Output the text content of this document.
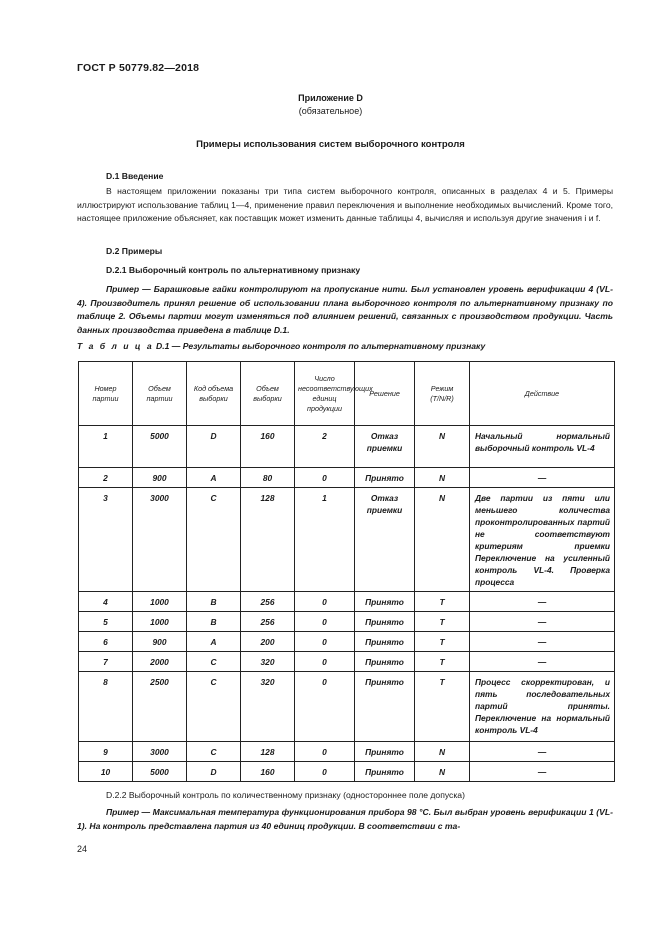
ГОСТ Р 50779.82—2018
Приложение D
(обязательное)
Примеры использования систем выборочного контроля
D.1 Введение
В настоящем приложении показаны три типа систем выборочного контроля, описанных в разделах 4 и 5. Примеры иллюстрируют использование таблиц 1—4, применение правил переключения и выполнение необходимых вычислений. Кроме того, настоящее приложение объясняет, как поставщик может изменить данные таблицы 4, вычисляя и используя другие значения i и f.
D.2 Примеры
D.2.1 Выборочный контроль по альтернативному признаку
Пример — Барашковые гайки контролируют на пропускание нити. Был установлен уровень верификации 4 (VL-4). Производитель принял решение об использовании плана выборочного контроля по альтернативному признаку по таблице 2. Объемы партии могут изменяться под влиянием решений, связанных с производством продукции. Часть данных производства приведена в таблице D.1.
Т а б л и ц а D.1 — Результаты выборочного контроля по альтернативному признаку
Номер партии	Объем партии	Код объема выборки	Объем выборки	Число несоответствующих единиц продукции	Решение	Режим (T/N/R)	Действие
1	5000	D	160	2	Отказ приемки	N	Начальный нормальный выборочный контроль VL-4
2	900	A	80	0	Принято	N	—
3	3000	C	128	1	Отказ приемки	N	Две партии из пяти или меньшего количества проконтролированных партий не соответствуют критериям приемки Переключение на усиленный контроль VL-4. Проверка процесса
4	1000	B	256	0	Принято	T	—
5	1000	B	256	0	Принято	T	—
6	900	A	200	0	Принято	T	—
7	2000	C	320	0	Принято	T	—
8	2500	C	320	0	Принято	T	Процесс скорректирован, и пять последовательных партий приняты. Переключение на нормальный контроль VL-4
9	3000	C	128	0	Принято	N	—
10	5000	D	160	0	Принято	N	—
D.2.2 Выборочный контроль по количественному признаку (одностороннее поле допуска)
Пример — Максимальная температура функционирования прибора 98 °C. Был выбран уровень верификации 1 (VL-1). На контроль представлена партия из 40 единиц продукции. В соответствии с та-
24
